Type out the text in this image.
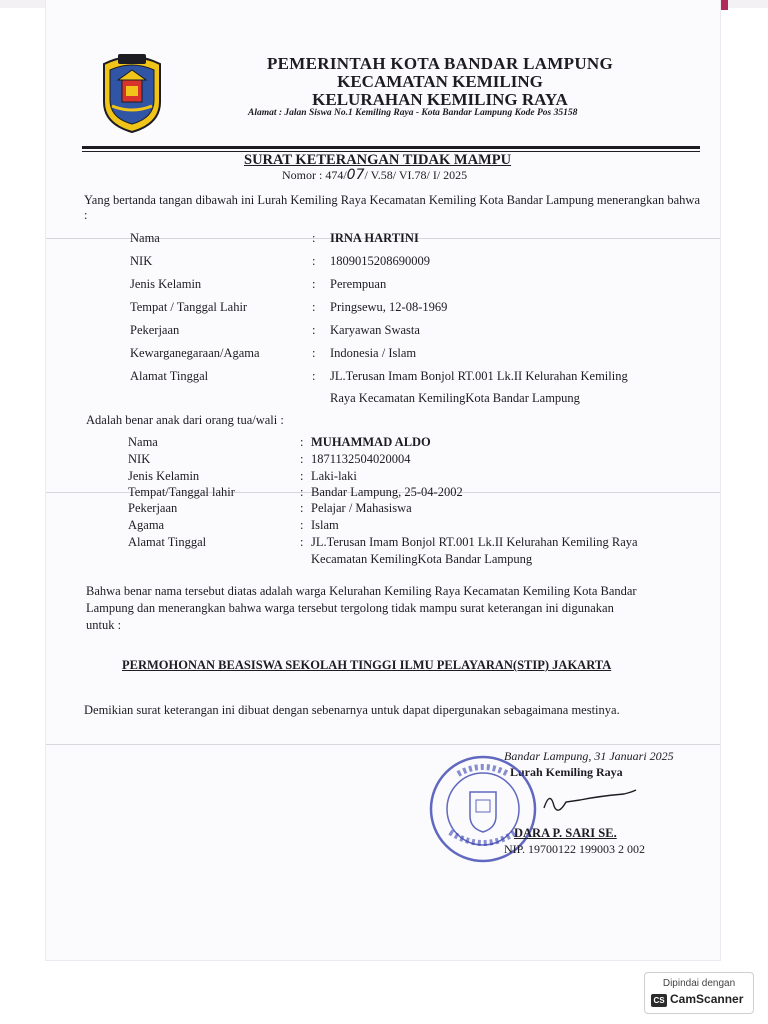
PEMERINTAH KOTA BANDAR LAMPUNG
KECAMATAN KEMILING
KELURAHAN KEMILING RAYA
Alamat : Jalan Siswa No.1 Kemiling Raya - Kota Bandar Lampung Kode Pos 35158
SURAT KETERANGAN TIDAK MAMPU
Nomor : 474/07/ V.58/ VI.78/ I/ 2025
Yang bertanda tangan dibawah ini Lurah Kemiling Raya Kecamatan Kemiling Kota Bandar Lampung menerangkan bahwa :
Nama	: IRNA HARTINI
NIK	: 1809015208690009
Jenis Kelamin	: Perempuan
Tempat / Tanggal Lahir	: Pringsewu, 12-08-1969
Pekerjaan	: Karyawan Swasta
Kewarganegaraan/Agama	: Indonesia / Islam
Alamat Tinggal	: JL.Terusan Imam Bonjol RT.001 Lk.II Kelurahan Kemiling
Raya Kecamatan KemilingKota Bandar Lampung
Adalah benar anak dari orang tua/wali :
Nama	: MUHAMMAD ALDO
NIK	: 1871132504020004
Jenis Kelamin	: Laki-laki
Tempat/Tanggal lahir	: Bandar Lampung, 25-04-2002
Pekerjaan	: Pelajar / Mahasiswa
Agama	: Islam
Alamat Tinggal	: JL.Terusan Imam Bonjol RT.001 Lk.II Kelurahan Kemiling Raya
Kecamatan KemilingKota Bandar Lampung
Bahwa benar nama tersebut diatas adalah warga Kelurahan Kemiling Raya Kecamatan Kemiling Kota Bandar
Lampung dan menerangkan bahwa warga tersebut tergolong tidak mampu surat keterangan ini digunakan
untuk :
PERMOHONAN BEASISWA SEKOLAH TINGGI ILMU PELAYARAN(STIP) JAKARTA
Demikian surat keterangan ini dibuat dengan sebenarnya untuk dapat dipergunakan sebagaimana mestinya.
Bandar Lampung, 31 Januari 2025
Lurah Kemiling Raya
DARA P. SARI SE.
NIP. 19700122 199003 2 002
Dipindai dengan
CS CamScanner
